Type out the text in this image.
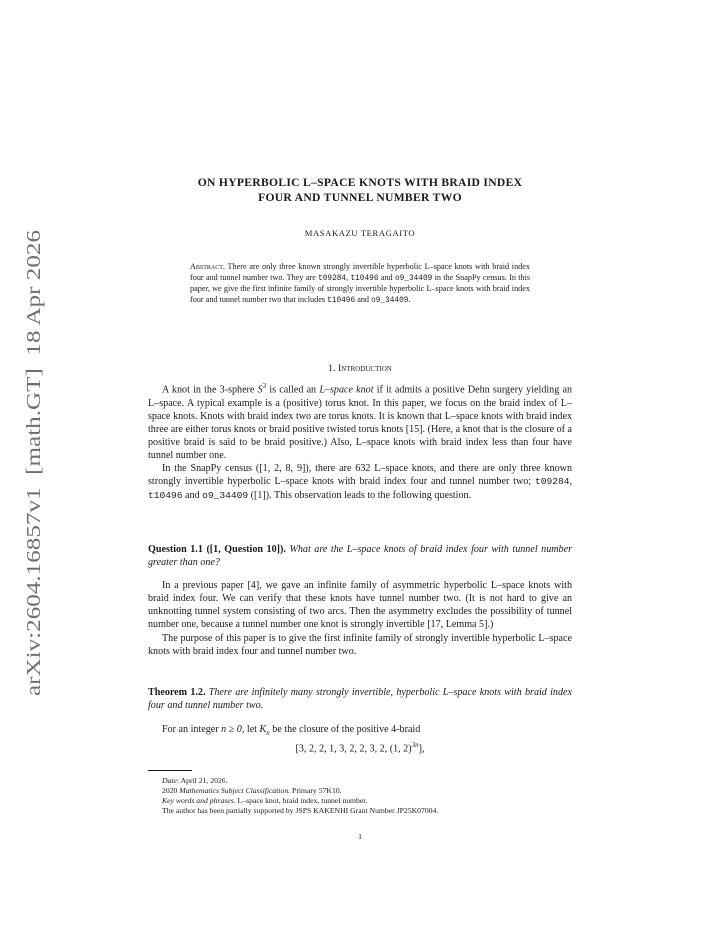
arXiv:2604.16857v1  [math.GT]  18 Apr 2026
ON HYPERBOLIC L–SPACE KNOTS WITH BRAID INDEX
FOUR AND TUNNEL NUMBER TWO
MASAKAZU TERAGAITO
Abstract. There are only three known strongly invertible hyperbolic L–space knots with braid index four and tunnel number two. They are t09284, t10496 and o9_34409 in the SnapPy census. In this paper, we give the first infinite family of strongly invertible hyperbolic L–space knots with braid index four and tunnel number two that includes t10496 and o9_34409.
1. Introduction

A knot in the 3-sphere $S^3$ is called an L–space knot if it admits a positive Dehn surgery yielding an L–space. A typical example is a (positive) torus knot. In this paper, we focus on the braid index of L–space knots. Knots with braid index two are torus knots. It is known that L–space knots with braid index three are either torus knots or braid positive twisted torus knots [15]. (Here, a knot that is the closure of a positive braid is said to be braid positive.) Also, L–space knots with braid index less than four have tunnel number one.

In the SnapPy census ([1, 2, 8, 9]), there are 632 L–space knots, and there are only three known strongly invertible hyperbolic L–space knots with braid index four and tunnel number two; t09284, t10496 and o9_34409 ([1]). This observation leads to the following question.

Question 1.1 ([1, Question 10]). What are the L–space knots of braid index four with tunnel number greater than one?

In a previous paper [4], we gave an infinite family of asymmetric hyperbolic L–space knots with braid index four. We can verify that these knots have tunnel number two. (It is not hard to give an unknotting tunnel system consisting of two arcs. Then the asymmetry excludes the possibility of tunnel number one, because a tunnel number one knot is strongly invertible [17, Lemma 5].)

The purpose of this paper is to give the first infinite family of strongly invertible hyperbolic L–space knots with braid index four and tunnel number two.

Theorem 1.2. There are infinitely many strongly invertible, hyperbolic L–space knots with braid index four and tunnel number two.

For an integer n ≥ 0, let $K_n$ be the closure of the positive 4-braid

[3, 2, 2, 1, 3, 2, 2, 3, 2, (1, 2)$^{3n}$],
Date: April 21, 2026.
2020 Mathematics Subject Classification. Primary 57K10.
Key words and phrases. L–space knot, braid index, tunnel number.
The author has been partially supported by JSPS KAKENHI Grant Number JP25K07004.
1
